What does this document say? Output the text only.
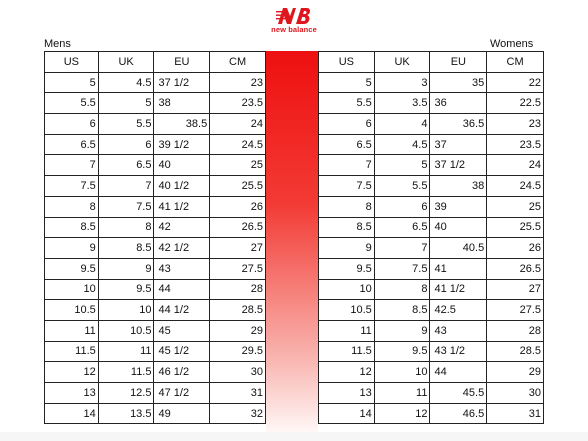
new balance
Mens	Womens
US	UK	EU	CM
5	4.5	37 1/2	23
5.5	5	38	23.5
6	5.5	38.5	24
6.5	6	39 1/2	24.5
7	6.5	40	25
7.5	7	40 1/2	25.5
8	7.5	41 1/2	26
8.5	8	42	26.5
9	8.5	42 1/2	27
9.5	9	43	27.5
10	9.5	44	28
10.5	10	44 1/2	28.5
11	10.5	45	29
11.5	11	45 1/2	29.5
12	11.5	46 1/2	30
13	12.5	47 1/2	31
14	13.5	49	32
US	UK	EU	CM
5	3	35	22
5.5	3.5	36	22.5
6	4	36.5	23
6.5	4.5	37	23.5
7	5	37 1/2	24
7.5	5.5	38	24.5
8	6	39	25
8.5	6.5	40	25.5
9	7	40.5	26
9.5	7.5	41	26.5
10	8	41 1/2	27
10.5	8.5	42.5	27.5
11	9	43	28
11.5	9.5	43 1/2	28.5
12	10	44	29
13	11	45.5	30
14	12	46.5	31
